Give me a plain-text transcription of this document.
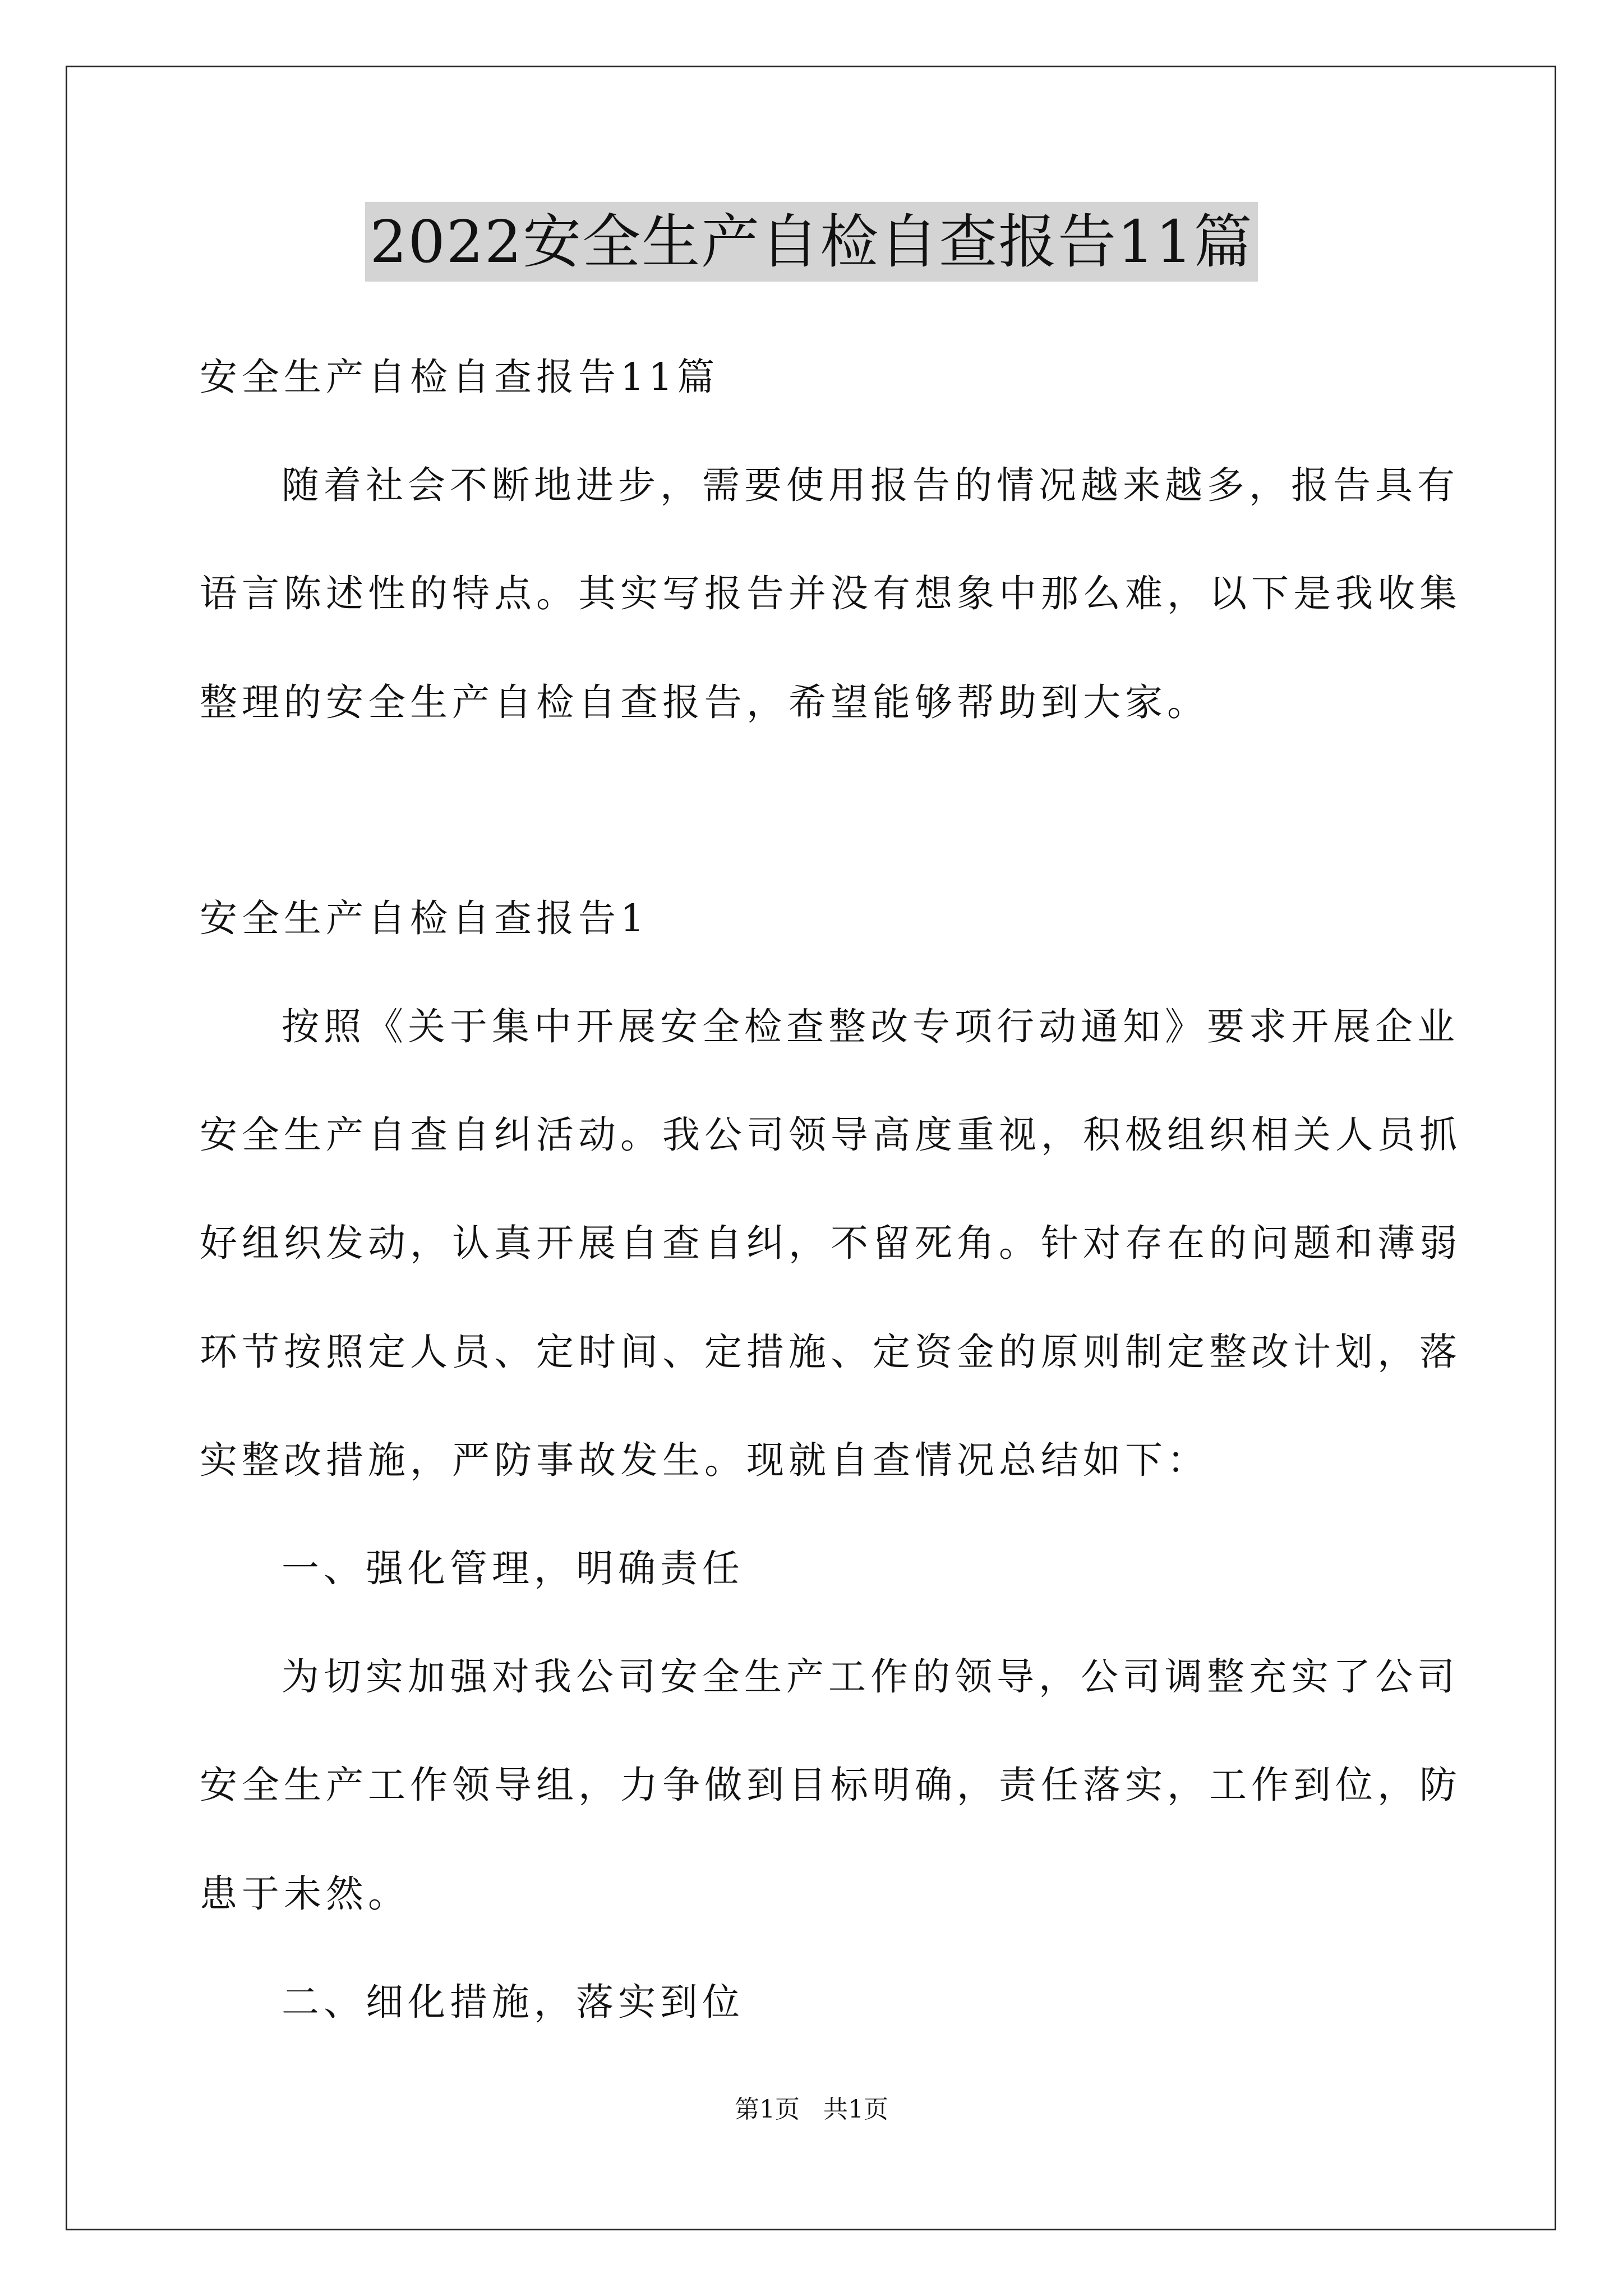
2022安全生产自检自查报告11篇
安全生产自检自查报告11篇
随着社会不断地进步，需要使用报告的情况越来越多，报告具有
语言陈述性的特点。其实写报告并没有想象中那么难，以下是我收集
整理的安全生产自检自查报告，希望能够帮助到大家。
安全生产自检自查报告1
按照《关于集中开展安全检查整改专项行动通知》要求开展企业
安全生产自查自纠活动。我公司领导高度重视，积极组织相关人员抓
好组织发动，认真开展自查自纠，不留死角。针对存在的问题和薄弱
环节按照定人员、定时间、定措施、定资金的原则制定整改计划，落
实整改措施，严防事故发生。现就自查情况总结如下：
一、强化管理，明确责任
为切实加强对我公司安全生产工作的领导，公司调整充实了公司
安全生产工作领导组，力争做到目标明确，责任落实，工作到位，防
患于未然。
二、细化措施，落实到位
第1页   共1页
